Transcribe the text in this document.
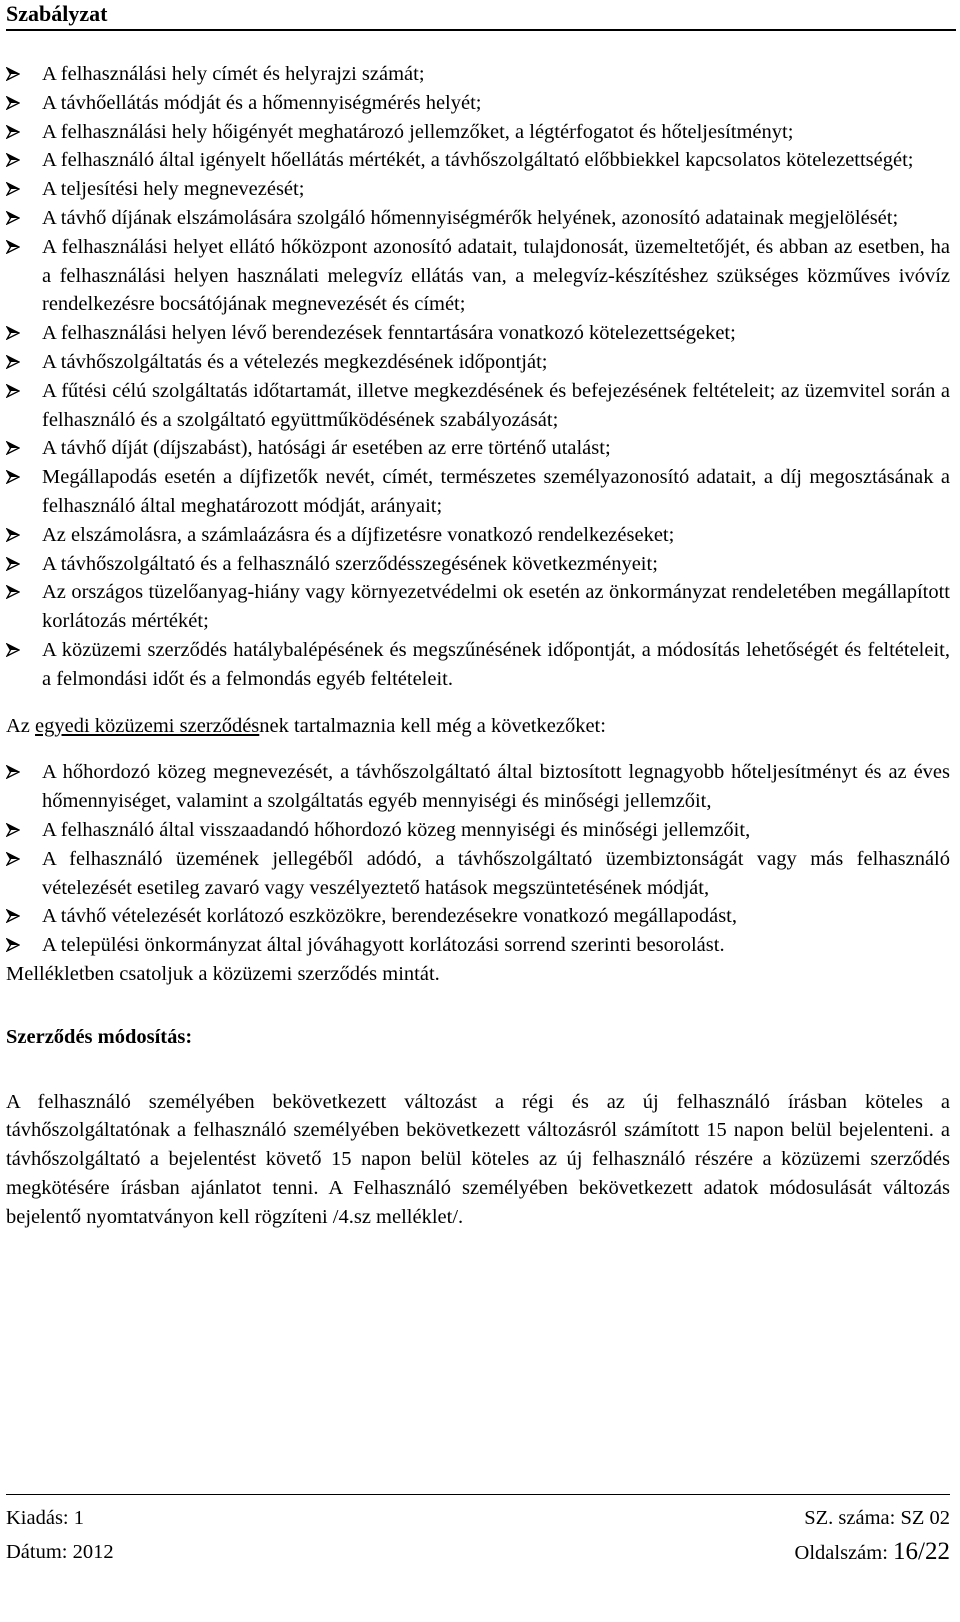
Szabályzat
A felhasználási hely címét és helyrajzi számát;
A távhőellátás módját és a hőmennyiségmérés helyét;
A felhasználási hely hőigényét meghatározó jellemzőket, a légtérfogatot és hőteljesítményt;
A felhasználó által igényelt hőellátás mértékét, a távhőszolgáltató előbbiekkel kapcsolatos kötelezettségét;
A teljesítési hely megnevezését;
A távhő díjának elszámolására szolgáló hőmennyiségmérők helyének, azonosító adatainak megjelölését;
A felhasználási helyet ellátó hőközpont azonosító adatait, tulajdonosát, üzemeltetőjét, és abban az esetben, ha a felhasználási helyen használati melegvíz ellátás van, a melegvíz-készítéshez szükséges közműves ivóvíz rendelkezésre bocsátójának megnevezését és címét;
A felhasználási helyen lévő berendezések fenntartására vonatkozó kötelezettségeket;
A távhőszolgáltatás és a vételezés megkezdésének időpontját;
A fűtési célú szolgáltatás időtartamát, illetve megkezdésének és befejezésének feltételeit; az üzemvitel során a felhasználó és a szolgáltató együttműködésének szabályozását;
A távhő díját (díjszabást), hatósági ár esetében az erre történő utalást;
Megállapodás esetén a díjfizetők nevét, címét, természetes személyazonosító adatait, a díj megosztásának a felhasználó által meghatározott módját, arányait;
Az elszámolásra, a számlaázásra és a díjfizetésre vonatkozó rendelkezéseket;
A távhőszolgáltató és a felhasználó szerződésszegésének következményeit;
Az országos tüzelőanyag-hiány vagy környezetvédelmi ok esetén az önkormányzat rendeletében megállapított korlátozás mértékét;
A közüzemi szerződés hatálybalépésének és megszűnésének időpontját, a módosítás lehetőségét és feltételeit, a felmondási időt és a felmondás egyéb feltételeit.

Az egyedi közüzemi szerződésnek tartalmaznia kell még a következőket:

A hőhordozó közeg megnevezését, a távhőszolgáltató által biztosított legnagyobb hőteljesítményt és az éves hőmennyiséget, valamint a szolgáltatás egyéb mennyiségi és minőségi jellemzőit,
A felhasználó által visszaadandó hőhordozó közeg mennyiségi és minőségi jellemzőit,
A felhasználó üzemének jellegéből adódó, a távhőszolgáltató üzembiztonságát vagy más felhasználó vételezését esetileg zavaró vagy veszélyeztető hatások megszüntetésének módját,
A távhő vételezését korlátozó eszközökre, berendezésekre vonatkozó megállapodást,
A települési önkormányzat által jóváhagyott korlátozási sorrend szerinti besorolást.

Mellékletben csatoljuk a közüzemi szerződés mintát.

Szerződés módosítás:

A felhasználó személyében bekövetkezett változást a régi és az új felhasználó írásban köteles a távhőszolgáltatónak a felhasználó személyében bekövetkezett változásról számított 15 napon belül bejelenteni. a távhőszolgáltató a bejelentést követő 15 napon belül köteles az új felhasználó részére a közüzemi szerződés megkötésére írásban ajánlatot tenni. A Felhasználó személyében bekövetkezett adatok módosulását változás bejelentő nyomtatványon kell rögzíteni /4.sz melléklet/.

Kiadás: 1	SZ. száma: SZ 02
Dátum: 2012	Oldalszám: 16/22
